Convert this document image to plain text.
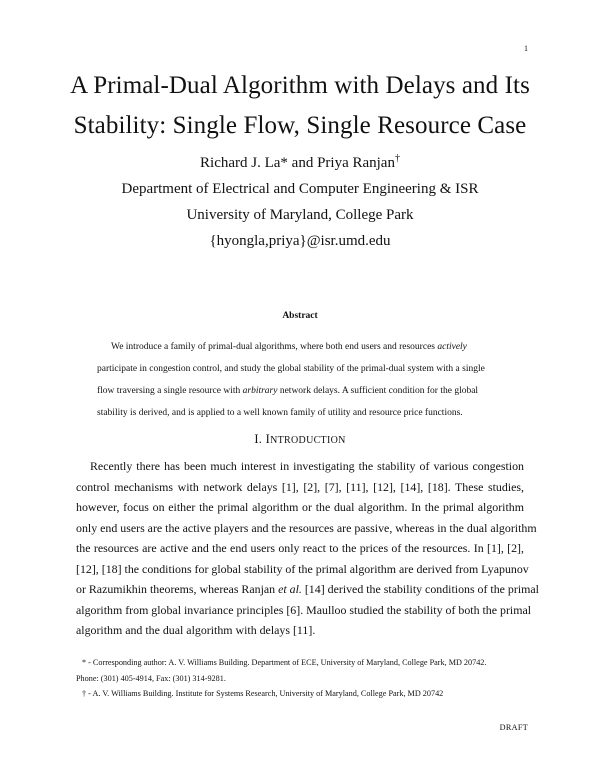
1
A Primal-Dual Algorithm with Delays and Its
Stability: Single Flow, Single Resource Case
Richard J. La* and Priya Ranjan†
Department of Electrical and Computer Engineering & ISR
University of Maryland, College Park
{hyongla,priya}@isr.umd.edu
Abstract
We introduce a family of primal-dual algorithms, where both end users and resources actively
participate in congestion control, and study the global stability of the primal-dual system with a single
flow traversing a single resource with arbitrary network delays. A sufficient condition for the global
stability is derived, and is applied to a well known family of utility and resource price functions.
I. INTRODUCTION
Recently there has been much interest in investigating the stability of various congestion
control mechanisms with network delays [1], [2], [7], [11], [12], [14], [18]. These studies,
however, focus on either the primal algorithm or the dual algorithm. In the primal algorithm
only end users are the active players and the resources are passive, whereas in the dual algorithm
the resources are active and the end users only react to the prices of the resources. In [1], [2],
[12], [18] the conditions for global stability of the primal algorithm are derived from Lyapunov
or Razumikhin theorems, whereas Ranjan et al. [14] derived the stability conditions of the primal
algorithm from global invariance principles [6]. Maulloo studied the stability of both the primal
algorithm and the dual algorithm with delays [11].
* - Corresponding author: A. V. Williams Building. Department of ECE, University of Maryland, College Park, MD 20742.
Phone: (301) 405-4914, Fax: (301) 314-9281.
† - A. V. Williams Building. Institute for Systems Research, University of Maryland, College Park, MD 20742
DRAFT
